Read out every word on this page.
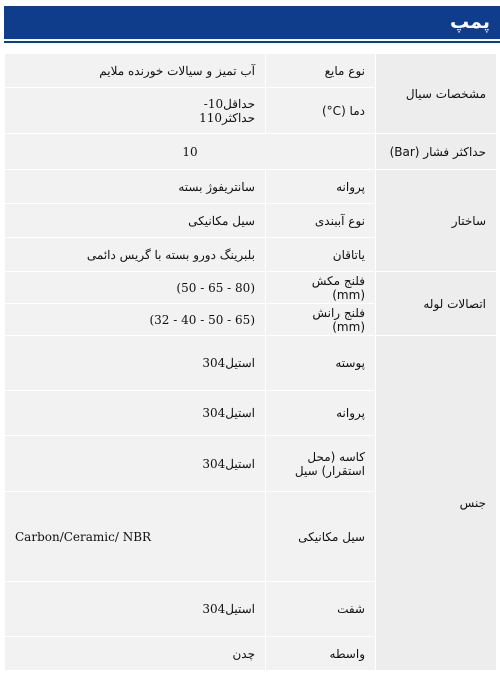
پمپ
مشخصات سیال	نوع مایع	آب تمیز و سیالات خورنده ملایم
	دما (C°)	حداقل10-
حداکثر110

حداکثر فشار (Bar)	10	
ساختار	پروانه	سانتریفوژ بسته
	نوع آببندی	سیل مکانیکی
	یاتاقان	بلبرینگ دورو بسته با گریس دائمی
اتصالات لوله	فلنج مکش (mm)	(80 - 65 - 50)
	فلنج رانش (mm)	(65 - 50 - 40 - 32)
جنس	پوسته	استیل304
	پروانه	استیل304
	کاسه (محل استقرار) سیل	استیل304
	سیل مکانیکی	Carbon/Ceramic/ NBR
	شفت	استیل304
	واسطه	چدن
